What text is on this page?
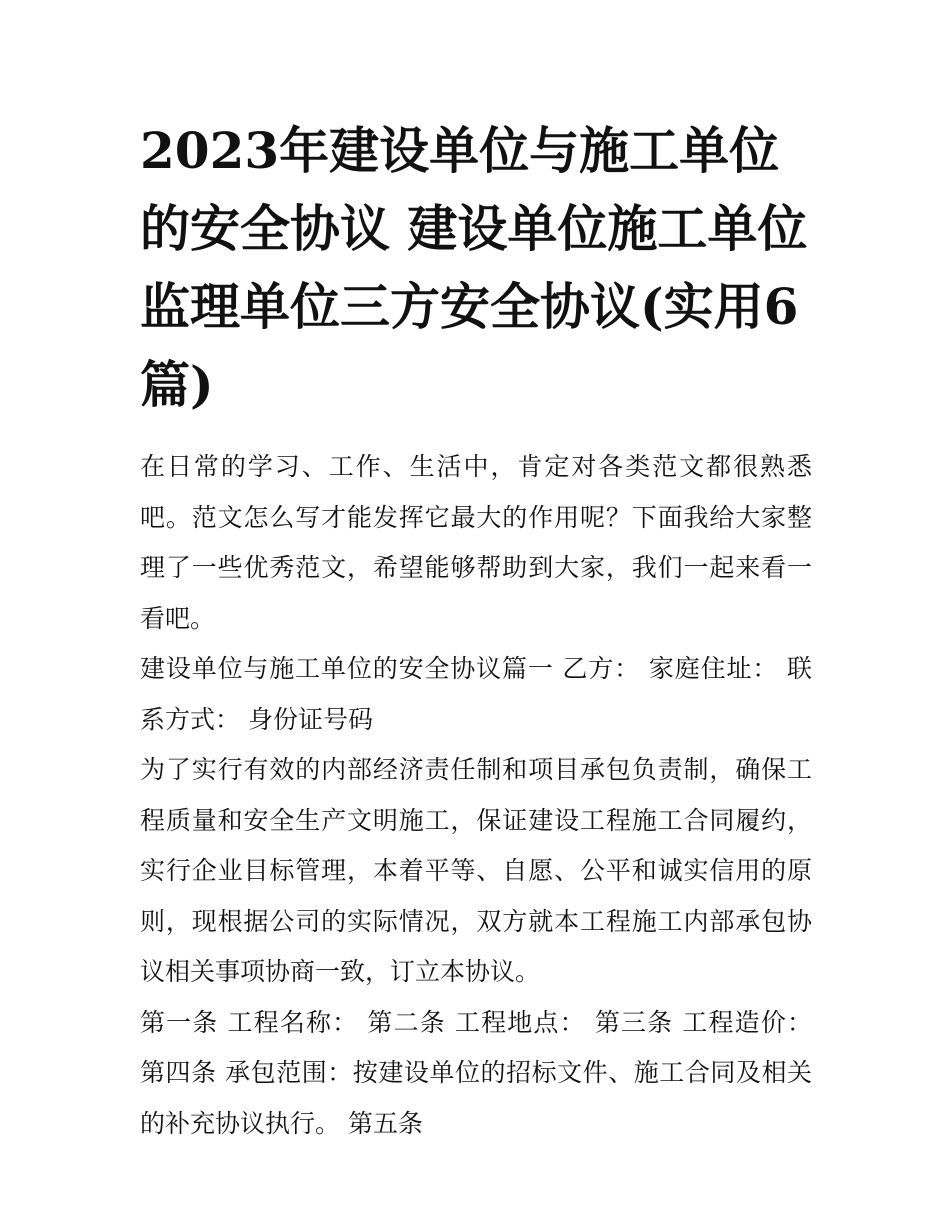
2023年建设单位与施工单位的安全协议 建设单位施工单位监理单位三方安全协议(实用6篇)

在日常的学习、工作、生活中，肯定对各类范文都很熟悉吧。范文怎么写才能发挥它最大的作用呢？下面我给大家整理了一些优秀范文，希望能够帮助到大家，我们一起来看一看吧。

建设单位与施工单位的安全协议篇一 乙方： 家庭住址： 联系方式： 身份证号码

为了实行有效的内部经济责任制和项目承包负责制，确保工程质量和安全生产文明施工，保证建设工程施工合同履约，实行企业目标管理，本着平等、自愿、公平和诚实信用的原则，现根据公司的实际情况，双方就本工程施工内部承包协议相关事项协商一致，订立本协议。

第一条 工程名称： 第二条 工程地点： 第三条 工程造价： 第四条 承包范围：按建设单位的招标文件、施工合同及相关的补充协议执行。 第五条
